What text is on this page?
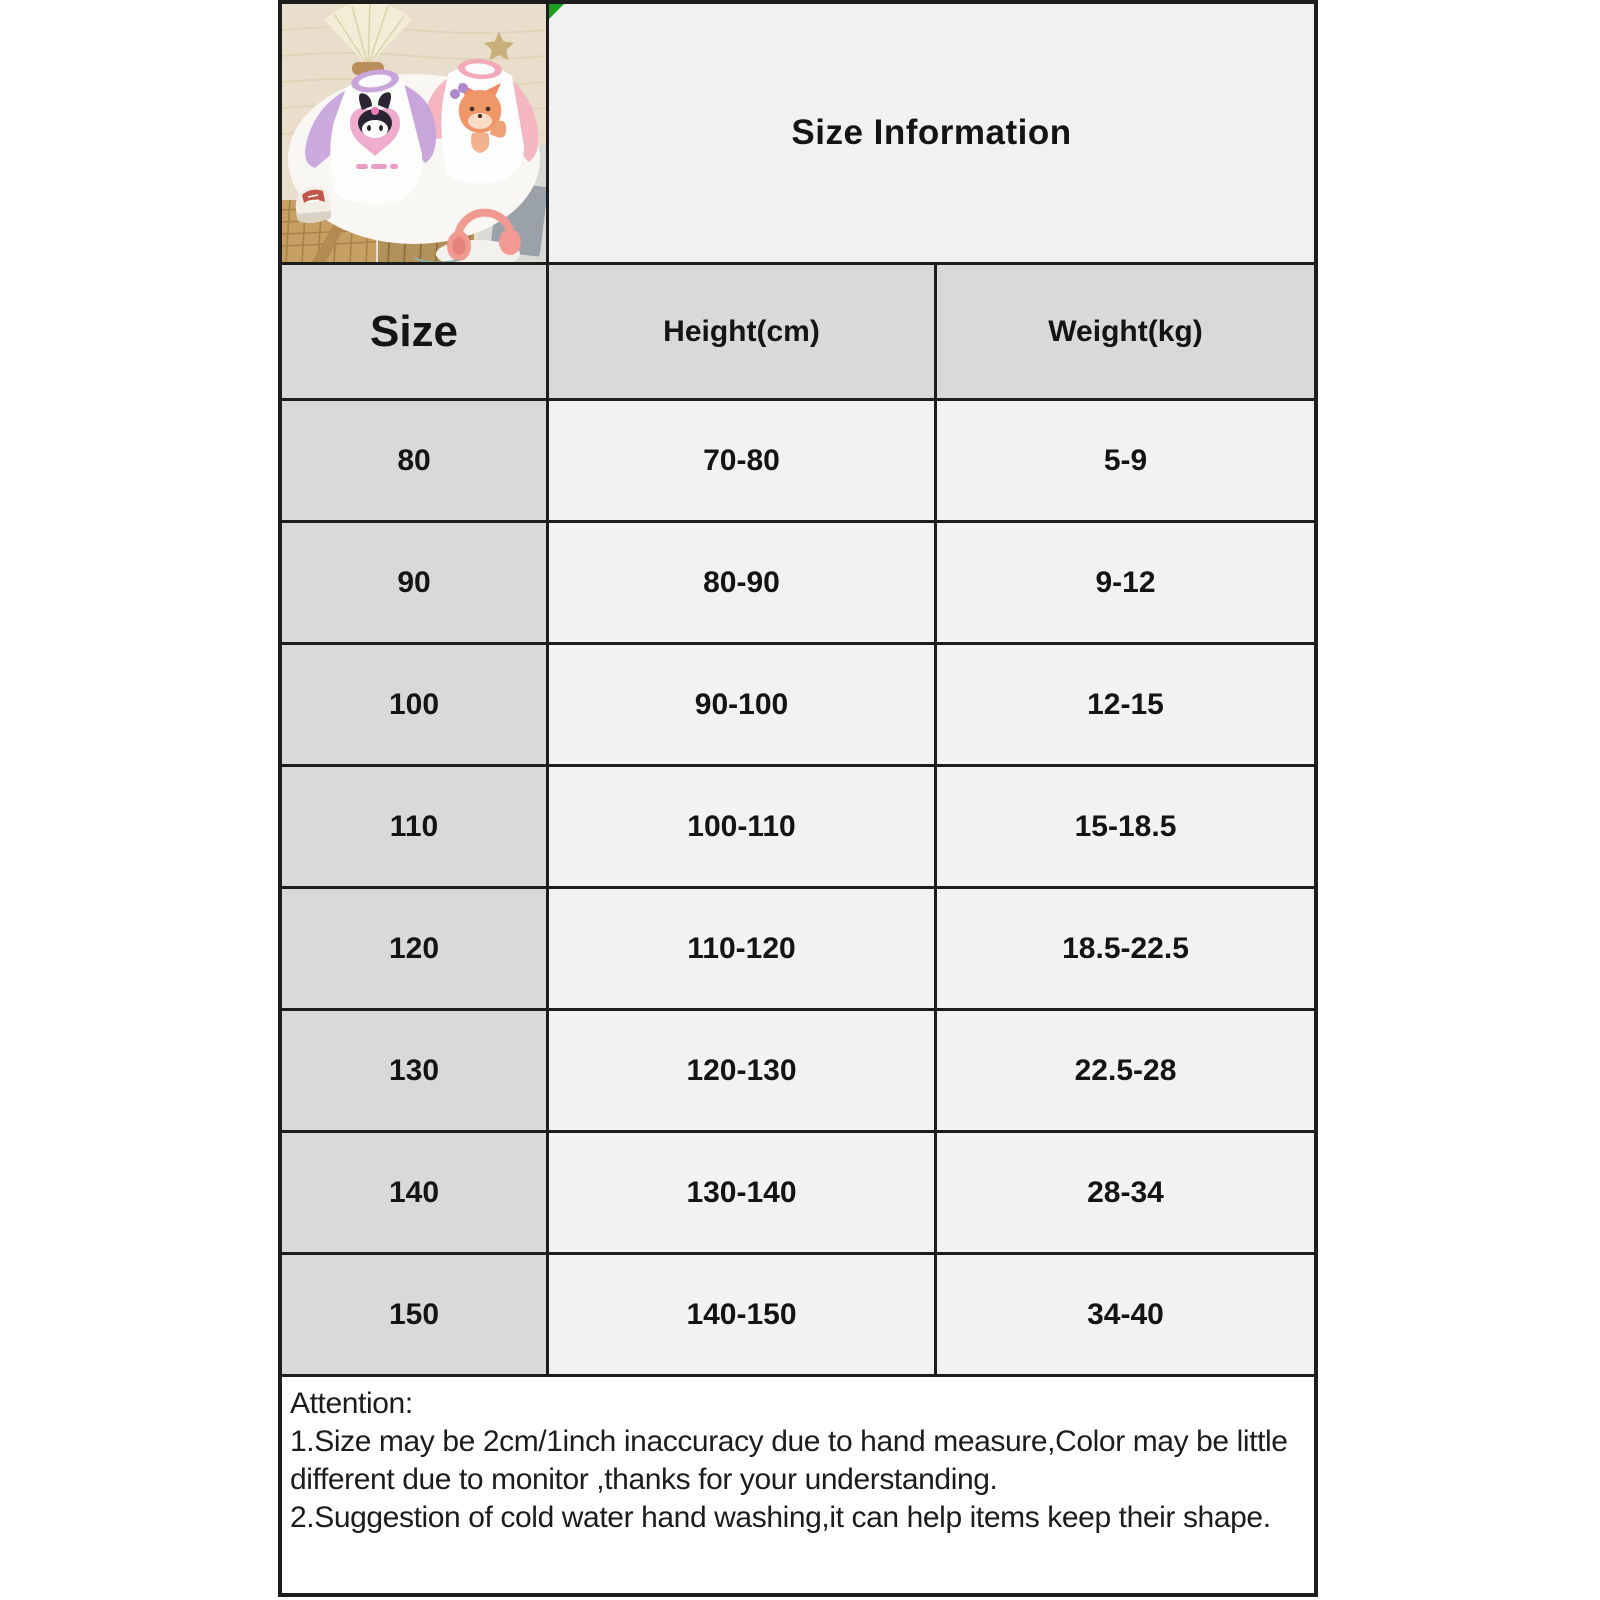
Size Information
Size	Height(cm)	Weight(kg)
80	70-80	5-9
90	80-90	9-12
100	90-100	12-15
110	100-110	15-18.5
120	110-120	18.5-22.5
130	120-130	22.5-28
140	130-140	28-34
150	140-150	34-40
Attention:
1.Size may be 2cm/1inch inaccuracy due to hand measure,Color may be little
different due to monitor ,thanks for your understanding.
2.Suggestion of cold water hand washing,it can help items keep their shape.
